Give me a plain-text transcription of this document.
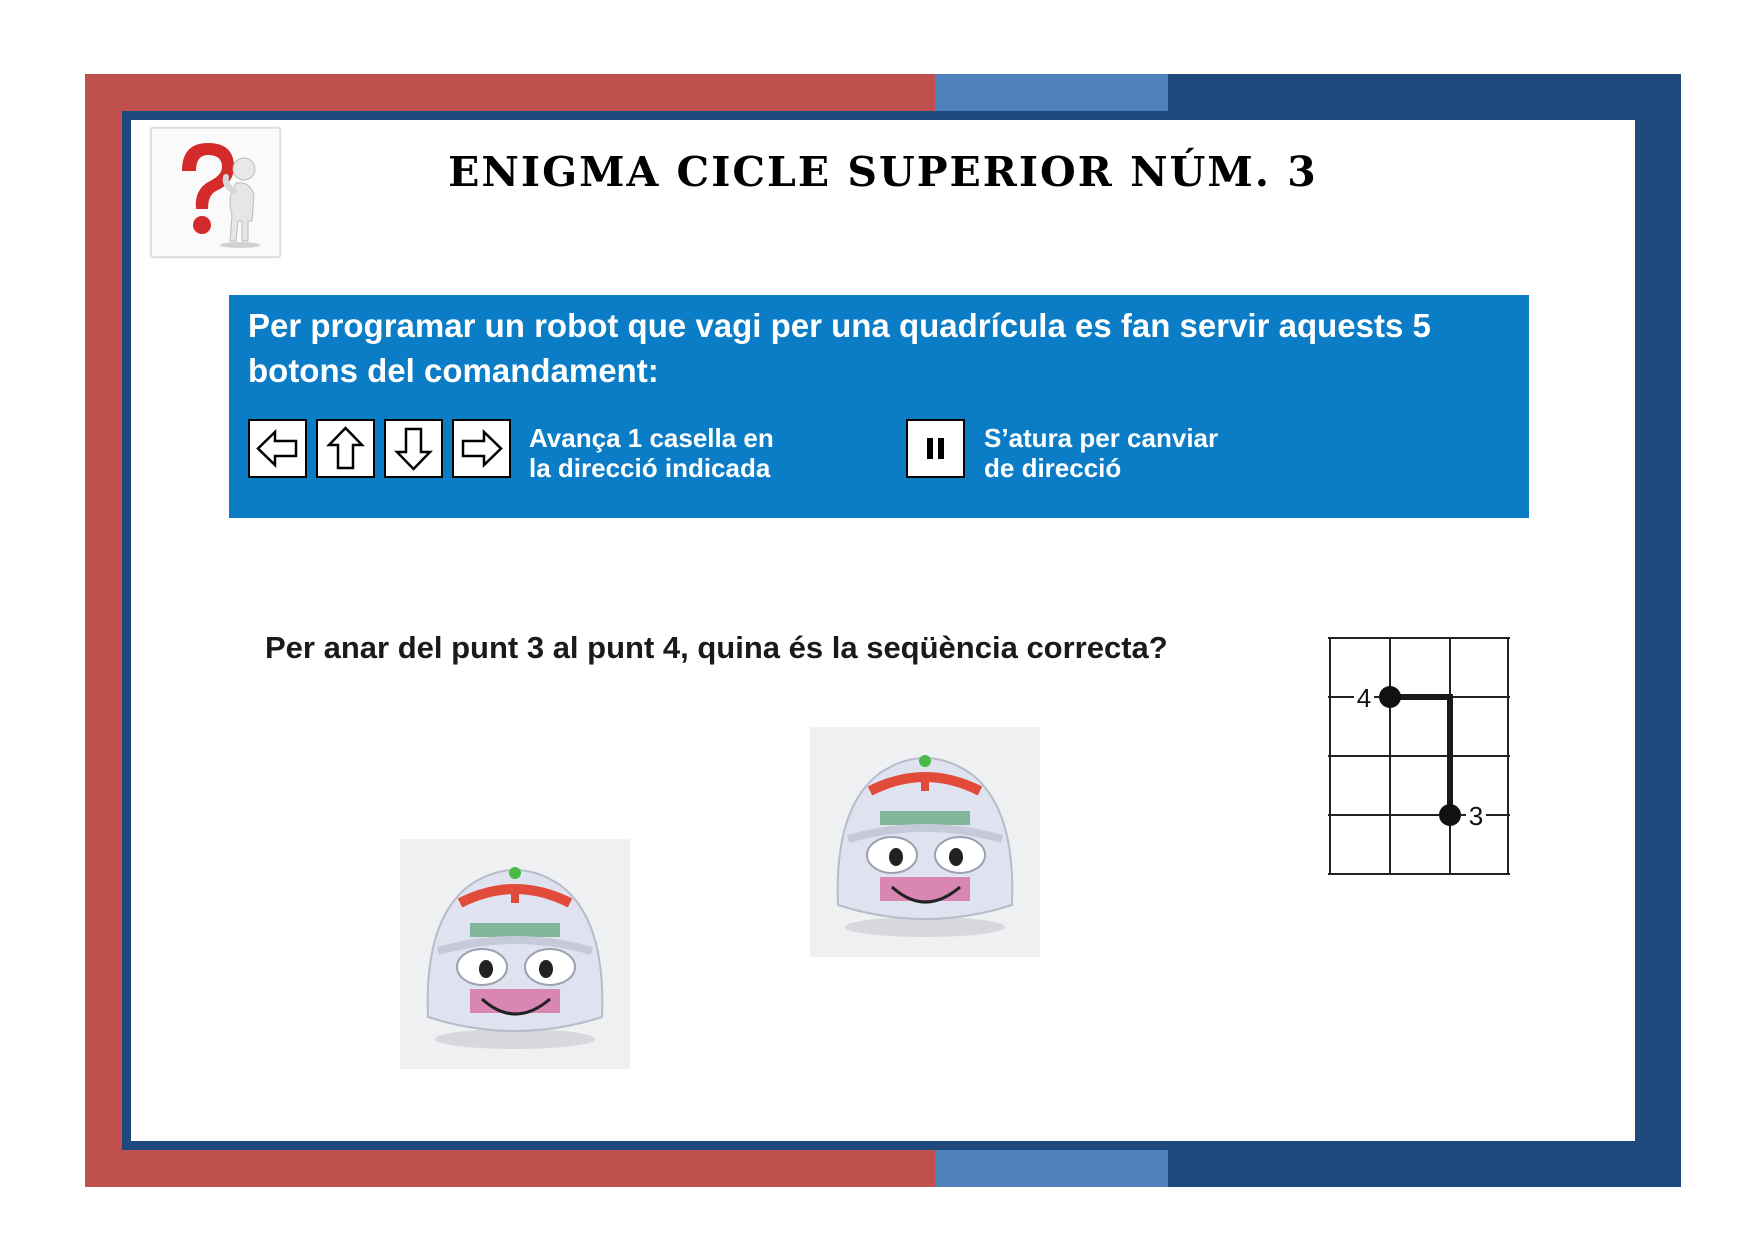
ENIGMA CICLE SUPERIOR NÚM. 3
Per programar un robot que vagi per una quadrícula es fan servir aquests 5 botons del comandament:
Avança 1 casella en
la direcció indicada
S’atura per canviar
de direcció
Per anar del punt 3 al punt 4, quina és la seqüència correcta?
4
3
